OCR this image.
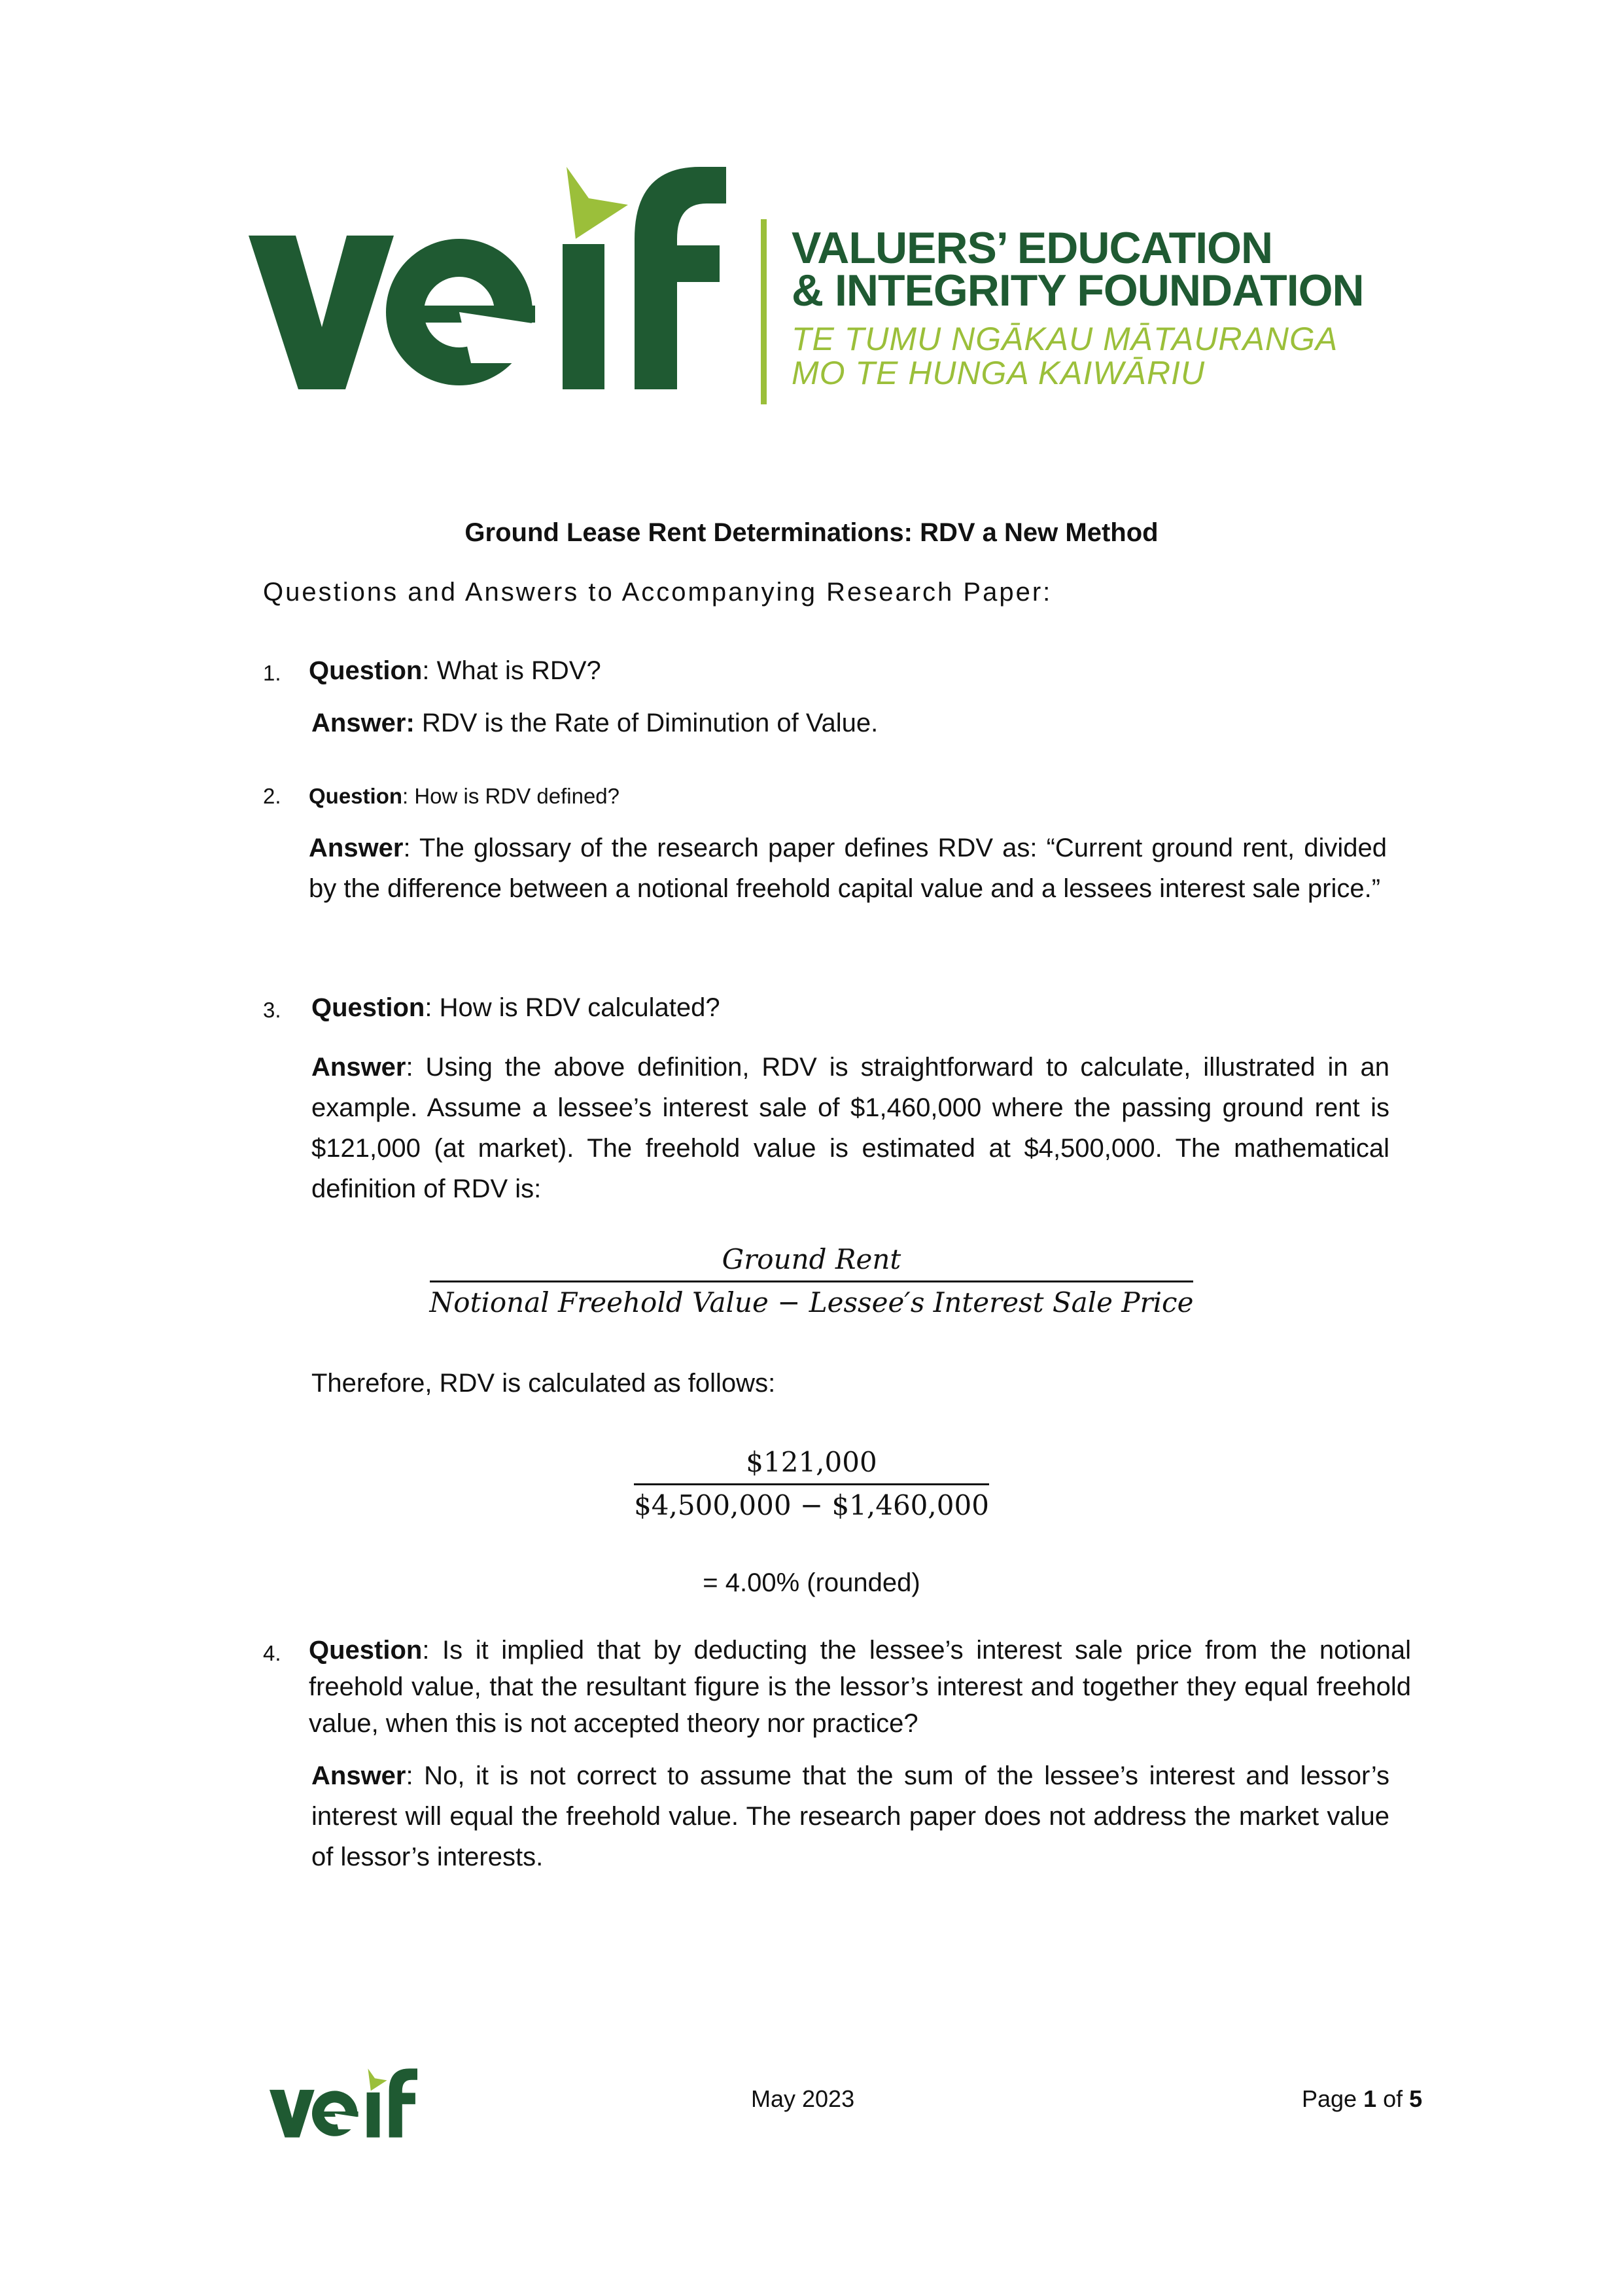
VALUERS’ EDUCATION
& INTEGRITY FOUNDATION
TE TUMU NGĀKAU MĀTAURANGA
MO TE HUNGA KAIWĀRIU
Ground Lease Rent Determinations: RDV a New Method
Questions and Answers to Accompanying Research Paper:
1. Question: What is RDV?
Answer: RDV is the Rate of Diminution of Value.
2. Question: How is RDV defined?
Answer: The glossary of the research paper defines RDV as: “Current ground rent, divided by the difference between a notional freehold capital value and a lessees interest sale price.”
3. Question: How is RDV calculated?
Answer: Using the above definition, RDV is straightforward to calculate, illustrated in an example. Assume a lessee’s interest sale of $1,460,000 where the passing ground rent is $121,000 (at market). The freehold value is estimated at $4,500,000. The mathematical definition of RDV is:
$\frac{\text{Ground Rent}}{\text{Notional Freehold Value − Lessee′s Interest Sale Price}}$
Therefore, RDV is calculated as follows:
$\frac{\$121,000}{\$4,500,000 - \$1,460,000}$
= 4.00% (rounded)
4. Question: Is it implied that by deducting the lessee’s interest sale price from the notional freehold value, that the resultant figure is the lessor’s interest and together they equal freehold value, when this is not accepted theory nor practice?
Answer: No, it is not correct to assume that the sum of the lessee’s interest and lessor’s interest will equal the freehold value. The research paper does not address the market value of lessor’s interests.
May 2023	Page 1 of 5
